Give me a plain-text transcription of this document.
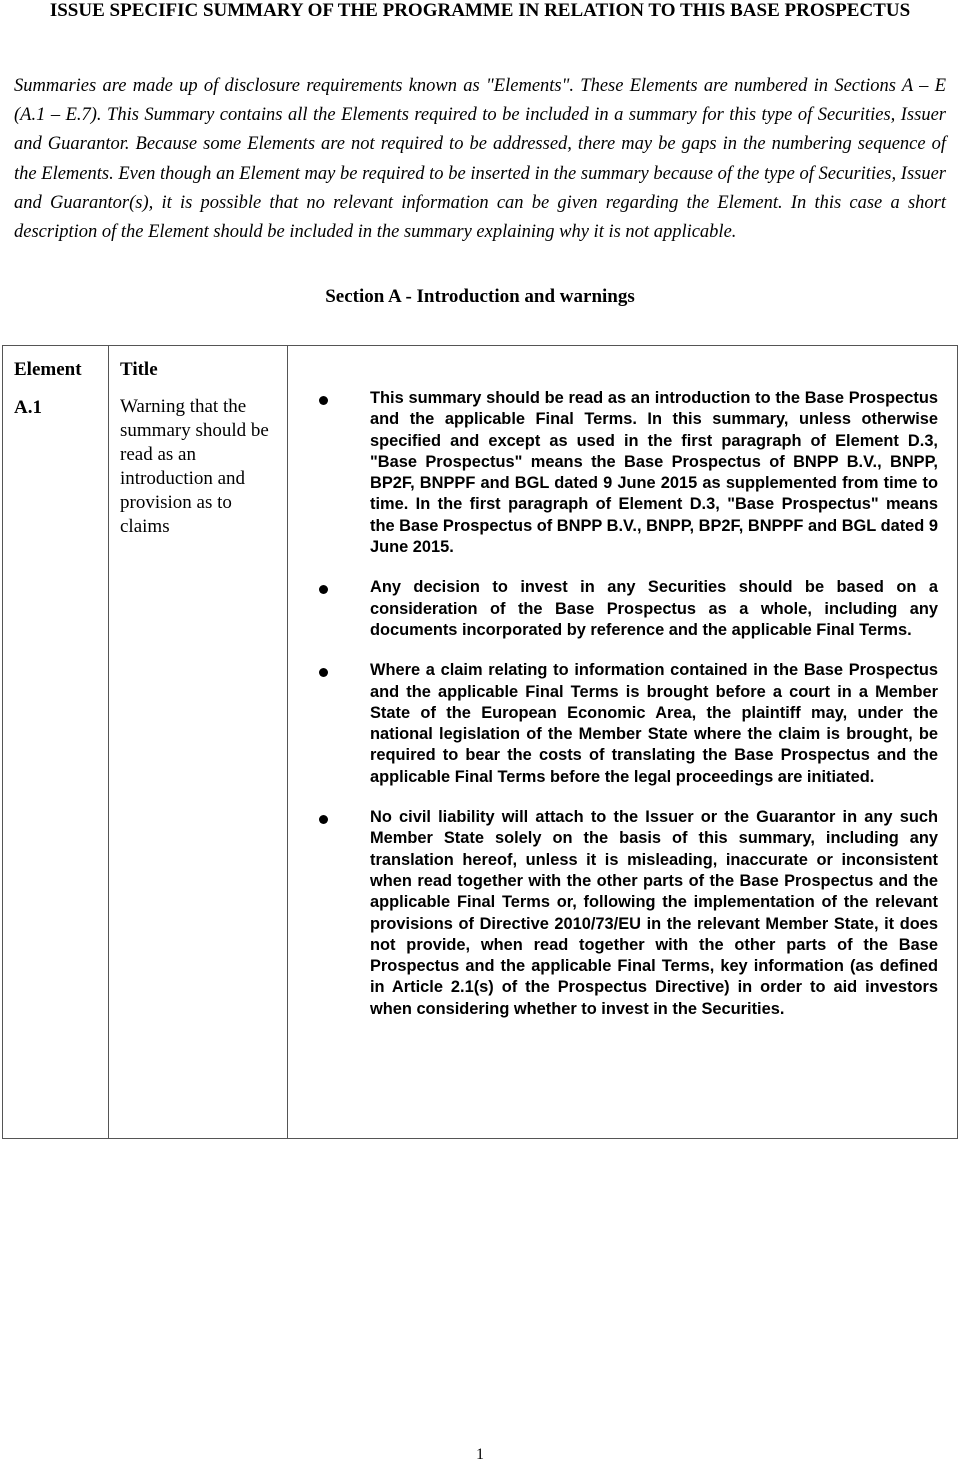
ISSUE SPECIFIC SUMMARY OF THE PROGRAMME IN RELATION TO THIS BASE PROSPECTUS

Summaries are made up of disclosure requirements known as "Elements". These Elements are numbered in Sections A – E (A.1 – E.7). This Summary contains all the Elements required to be included in a summary for this type of Securities, Issuer and Guarantor. Because some Elements are not required to be addressed, there may be gaps in the numbering sequence of the Elements. Even though an Element may be required to be inserted in the summary because of the type of Securities, Issuer and Guarantor(s), it is possible that no relevant information can be given regarding the Element. In this case a short description of the Element should be included in the summary explaining why it is not applicable.

Section A - Introduction and warnings
Element Title
A.1	Warning that the summary should be read as an introduction and provision as to claims
This summary should be read as an introduction to the Base Prospectus and the applicable Final Terms. In this summary, unless otherwise specified and except as used in the first paragraph of Element D.3, "Base Prospectus" means the Base Prospectus of BNPP B.V., BNPP, BP2F, BNPPF and BGL dated 9 June 2015 as supplemented from time to time. In the first paragraph of Element D.3, "Base Prospectus" means the Base Prospectus of BNPP B.V., BNPP, BP2F, BNPPF and BGL dated 9 June 2015.
Any decision to invest in any Securities should be based on a consideration of the Base Prospectus as a whole, including any documents incorporated by reference and the applicable Final Terms.
Where a claim relating to information contained in the Base Prospectus and the applicable Final Terms is brought before a court in a Member State of the European Economic Area, the plaintiff may, under the national legislation of the Member State where the claim is brought, be required to bear the costs of translating the Base Prospectus and the applicable Final Terms before the legal proceedings are initiated.
No civil liability will attach to the Issuer or the Guarantor in any such Member State solely on the basis of this summary, including any translation hereof, unless it is misleading, inaccurate or inconsistent when read together with the other parts of the Base Prospectus and the applicable Final Terms or, following the implementation of the relevant provisions of Directive 2010/73/EU in the relevant Member State, it does not provide, when read together with the other parts of the Base Prospectus and the applicable Final Terms, key information (as defined in Article 2.1(s) of the Prospectus Directive) in order to aid investors when considering whether to invest in the Securities.
1
